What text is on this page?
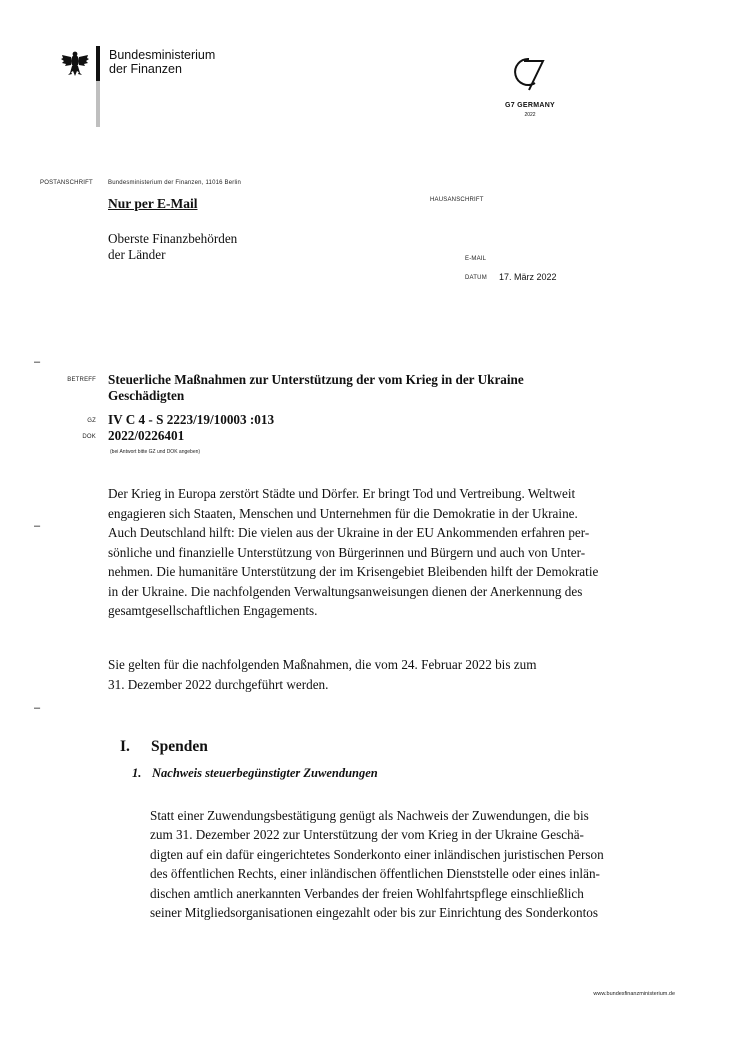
Bundesministerium
der Finanzen
G7 GERMANY
2022
POSTANSCHRIFT	Bundesministerium der Finanzen, 11016 Berlin
Nur per E-Mail
Oberste Finanzbehörden
der Länder
HAUSANSCHRIFT
E-MAIL
DATUM 17. März 2022
–
–
–
BETREFF Steuerliche Maßnahmen zur Unterstützung der vom Krieg in der Ukraine
Geschädigten
GZ IV C 4 - S 2223/19/10003 :013
DOK 2022/0226401
(bei Antwort bitte GZ und DOK angeben)
Der Krieg in Europa zerstört Städte und Dörfer. Er bringt Tod und Vertreibung. Weltweit
engagieren sich Staaten, Menschen und Unternehmen für die Demokratie in der Ukraine.
Auch Deutschland hilft: Die vielen aus der Ukraine in der EU Ankommenden erfahren per-
sönliche und finanzielle Unterstützung von Bürgerinnen und Bürgern und auch von Unter-
nehmen. Die humanitäre Unterstützung der im Krisengebiet Bleibenden hilft der Demokratie
in der Ukraine. Die nachfolgenden Verwaltungsanweisungen dienen der Anerkennung des
gesamtgesellschaftlichen Engagements.
Sie gelten für die nachfolgenden Maßnahmen, die vom 24. Februar 2022 bis zum
31. Dezember 2022 durchgeführt werden.
I. Spenden
1. Nachweis steuerbegünstigter Zuwendungen
Statt einer Zuwendungsbestätigung genügt als Nachweis der Zuwendungen, die bis
zum 31. Dezember 2022 zur Unterstützung der vom Krieg in der Ukraine Geschä-
digten auf ein dafür eingerichtetes Sonderkonto einer inländischen juristischen Person
des öffentlichen Rechts, einer inländischen öffentlichen Dienststelle oder eines inlän-
dischen amtlich anerkannten Verbandes der freien Wohlfahrtspflege einschließlich
seiner Mitgliedsorganisationen eingezahlt oder bis zur Einrichtung des Sonderkontos
www.bundesfinanzministerium.de
